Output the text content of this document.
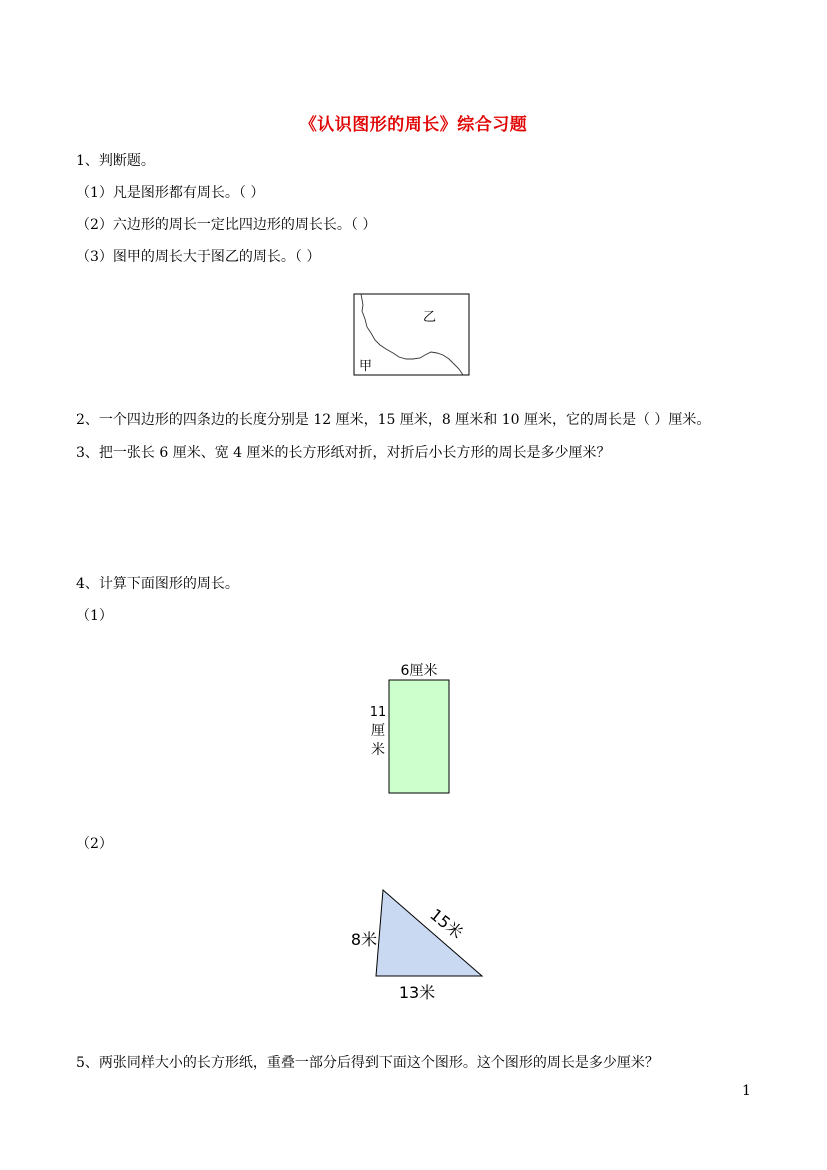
《认识图形的周长》综合习题
1、判断题。
（1）凡是图形都有周长。（ ）
（2）六边形的周长一定比四边形的周长长。（ ）
（3）图甲的周长大于图乙的周长。（ ）
乙
甲
2、一个四边形的四条边的长度分别是 12 厘米，15 厘米，8 厘米和 10 厘米，它的周长是（ ）厘米。
3、把一张长 6 厘米、宽 4 厘米的长方形纸对折，对折后小长方形的周长是多少厘米？
4、计算下面图形的周长。
（1）
6厘米
11
厘
米
（2）
8米	15米
13米
5、两张同样大小的长方形纸，重叠一部分后得到下面这个图形。这个图形的周长是多少厘米？
1
